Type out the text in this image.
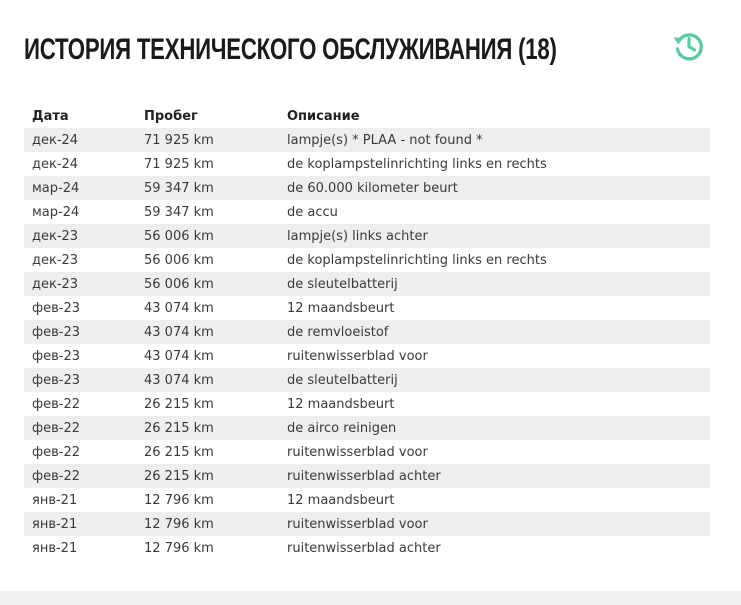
ИСТОРИЯ ТЕХНИЧЕСКОГО ОБСЛУЖИВАНИЯ (18)
Дата	Пробег	Описание
дек-24	71 925 km	lampje(s) * PLAA - not found *
дек-24	71 925 km	de koplampstelinrichting links en rechts
мар-24	59 347 km	de 60.000 kilometer beurt
мар-24	59 347 km	de accu
дек-23	56 006 km	lampje(s) links achter
дек-23	56 006 km	de koplampstelinrichting links en rechts
дек-23	56 006 km	de sleutelbatterij
фев-23	43 074 km	12 maandsbeurt
фев-23	43 074 km	de remvloeistof
фев-23	43 074 km	ruitenwisserblad voor
фев-23	43 074 km	de sleutelbatterij
фев-22	26 215 km	12 maandsbeurt
фев-22	26 215 km	de airco reinigen
фев-22	26 215 km	ruitenwisserblad voor
фев-22	26 215 km	ruitenwisserblad achter
янв-21	12 796 km	12 maandsbeurt
янв-21	12 796 km	ruitenwisserblad voor
янв-21	12 796 km	ruitenwisserblad achter
